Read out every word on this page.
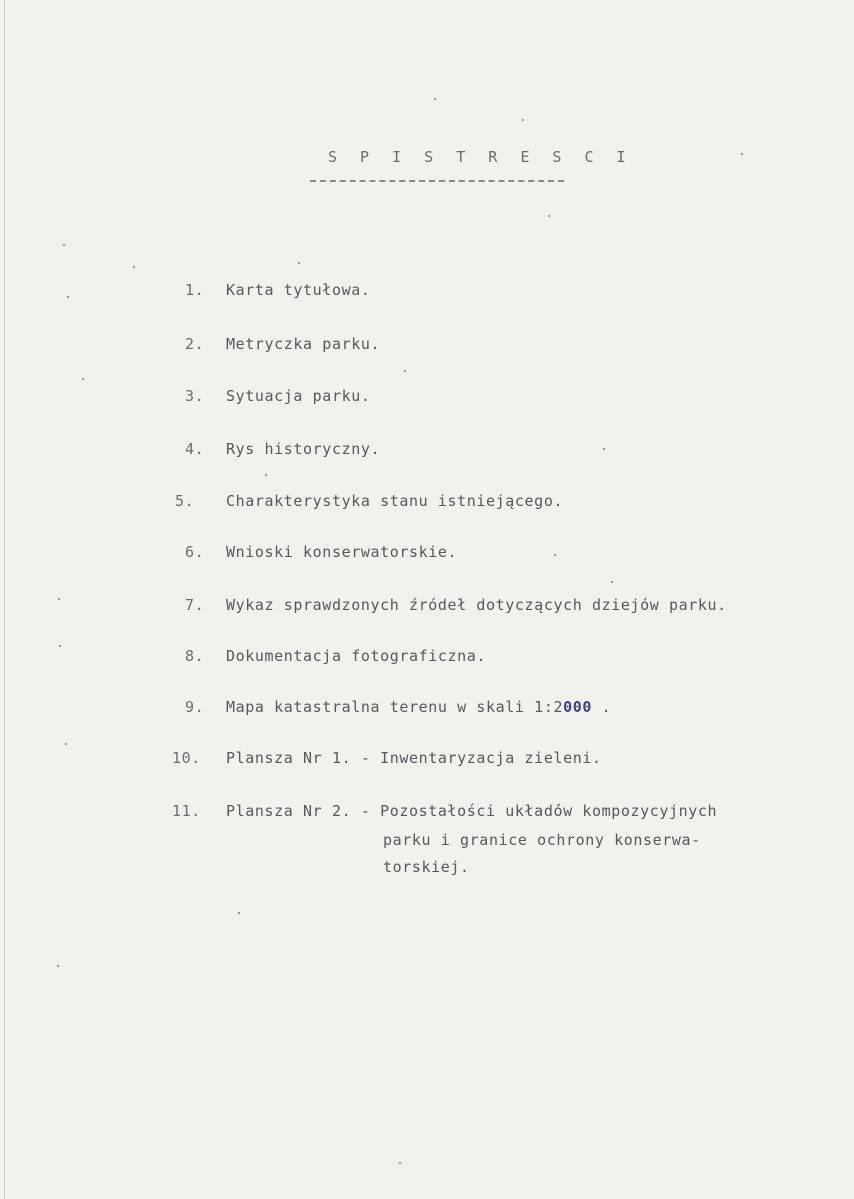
S P I S T R E S C I
1.	Karta tytułowa.
2.	Metryczka parku.
3.	Sytuacja parku.
4.	Rys historyczny.
5.	Charakterystyka stanu istniejącego.
6.	Wnioski konserwatorskie.
7.	Wykaz sprawdzonych źródeł dotyczących dziejów parku.
8.	Dokumentacja fotograficzna.
9.	Mapa katastralna terenu w skali 1:2000 .
10.	Plansza Nr 1. - Inwentaryzacja zieleni.
11.	Plansza Nr 2. - Pozostałości układów kompozycyjnych
parku i granice ochrony konserwa-
torskiej.
